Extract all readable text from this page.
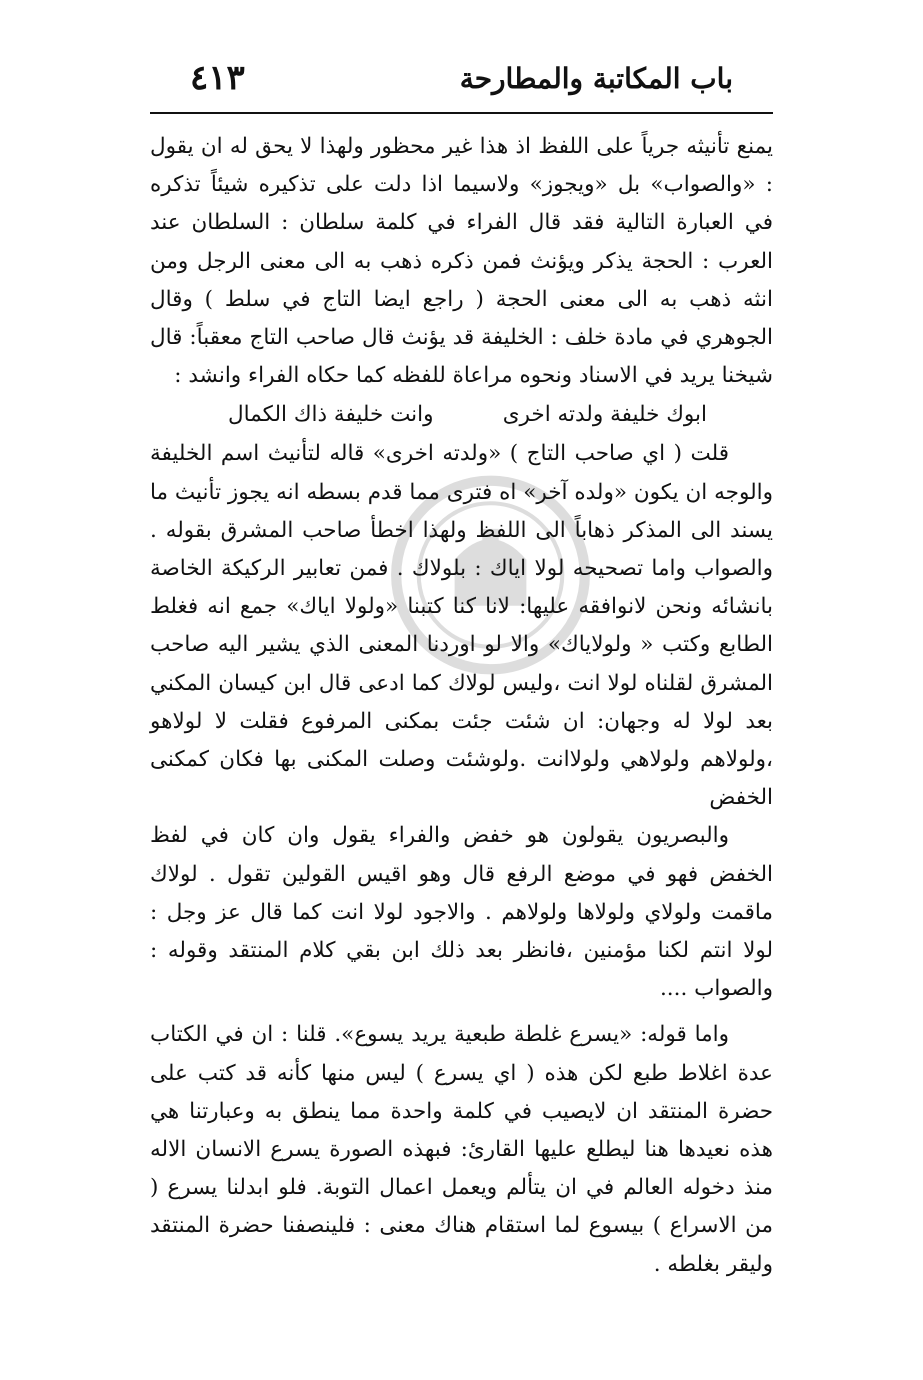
باب المكاتبة والمطارحة
٤١٣

يمنع تأنيثه جرياً على اللفظ اذ هذا غير محظور ولهذا لا يحق له ان يقول : «والصواب» بل «ويجوز» ولاسيما اذا دلت على تذكيره شيئاً تذكره في العبارة التالية فقد قال الفراء في كلمة سلطان : السلطان عند العرب : الحجة يذكر ويؤنث فمن ذكره ذهب به الى معنى الرجل ومن انثه ذهب به الى معنى الحجة ( راجع ايضا التاج في سلط ) وقال الجوهري في مادة خلف : الخليفة قد يؤنث قال صاحب التاج معقباً: قال شيخنا يريد في الاسناد ونحوه مراعاة للفظه كما حكاه الفراء وانشد :

ابوك خليفة ولدته اخرى
وانت خليفة ذاك الكمال

قلت ( اي صاحب التاج ) «ولدته اخرى» قاله لتأنيث اسم الخليفة والوجه ان يكون «ولده آخر» اه فترى مما قدم بسطه انه يجوز تأنيث ما يسند الى المذكر ذهاباً الى اللفظ ولهذا اخطأ صاحب المشرق بقوله . والصواب واما تصحيحه لولا اياك : بلولاك . فمن تعابير الركيكة الخاصة بانشائه ونحن لانوافقه عليها: لانا كنا كتبنا «ولولا اياك» جمع انه فغلط الطابع وكتب « ولولاياك» والا لو اوردنا المعنى الذي يشير اليه صاحب المشرق لقلناه لولا انت ،وليس لولاك كما ادعى قال ابن كيسان المكني بعد لولا له وجهان: ان شئت جئت بمكنى المرفوع فقلت لا لولاهو ،ولولاهم ولولاهي ولولاانت .ولوشئت وصلت المكنى بها فكان كمكنى الخفض

والبصريون يقولون هو خفض والفراء يقول وان كان في لفظ الخفض فهو في موضع الرفع قال وهو اقيس القولين تقول . لولاك ماقمت ولولاي ولولاها ولولاهم . والاجود لولا انت كما قال عز وجل : لولا انتم لكنا مؤمنين ،فانظر بعد ذلك ابن بقي كلام المنتقد وقوله : والصواب ....

واما قوله: «يسرع غلطة طبعية يريد يسوع». قلنا : ان في الكتاب عدة اغلاط طبع لكن هذه ( اي يسرع ) ليس منها كأنه قد كتب على حضرة المنتقد ان لايصيب في كلمة واحدة مما ينطق به وعبارتنا هي هذه نعيدها هنا ليطلع عليها القارئ: فبهذه الصورة يسرع الانسان الاله منذ دخوله العالم في ان يتألم ويعمل اعمال التوبة. فلو ابدلنا يسرع ( من الاسراع ) بيسوع لما استقام هناك معنى : فلينصفنا حضرة المنتقد وليقر بغلطه .
